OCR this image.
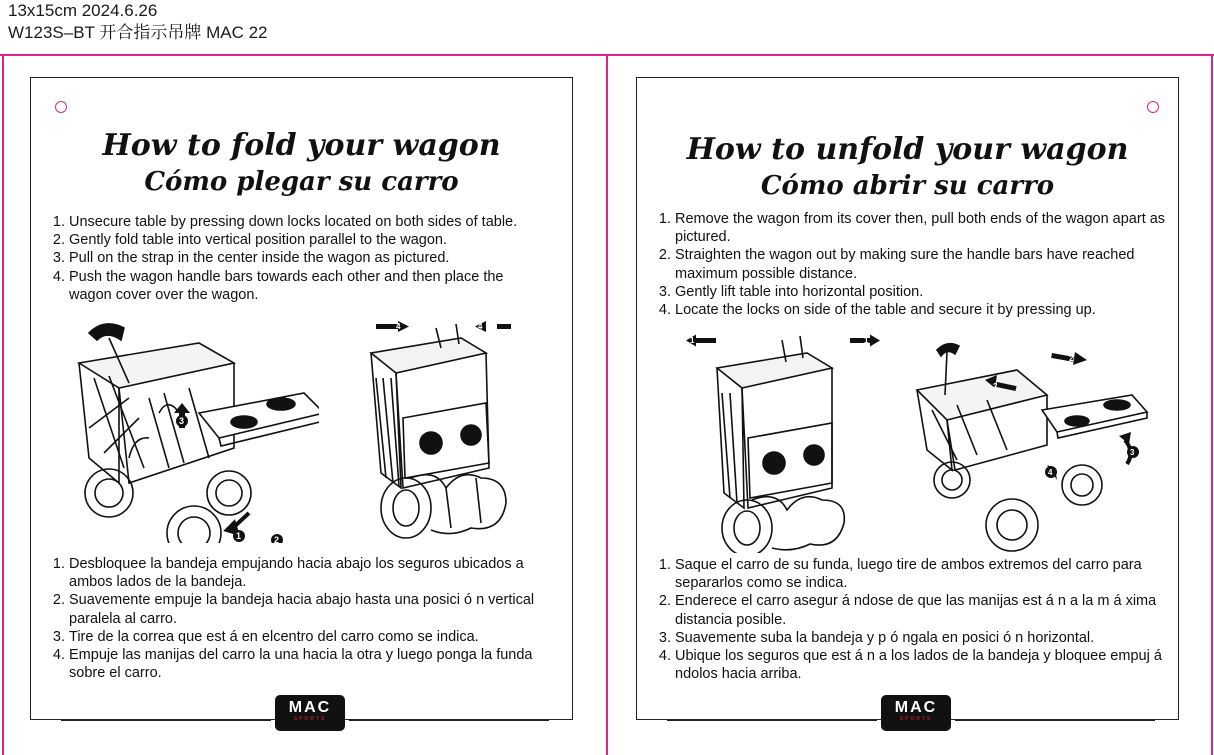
13x15cm 2024.6.26
W123S–BT 开合指示吊牌 MAC 22
How to fold your wagon
Cómo plegar su carro
1. Unsecure table by pressing down locks located on both sides of table.
2. Gently fold table into vertical position parallel to the wagon.
3. Pull on the strap in the center inside the wagon as pictured.
4. Push the wagon handle bars towards each other and then place the wagon cover over the wagon.
3
1	2
4	4
1. Desbloquee la bandeja empujando hacia abajo los seguros ubicados a ambos lados de la bandeja.
2. Suavemente empuje la bandeja hacia abajo hasta una posici ó n vertical paralela al carro.
3. Tire de la correa que est á en elcentro del carro como se indica.
4. Empuje las manijas del carro la una hacia la otra y luego ponga la funda sobre el carro.
MAC
SPORTS
How to unfold your wagon
Cómo abrir su carro
1. Remove the wagon from its cover then, pull both ends of the wagon apart as pictured.
2. Straighten the wagon out by making sure the handle bars have reached maximum possible distance.
3. Gently lift table into horizontal position.
4. Locate the locks on side of the table and secure it by pressing up.
1	1
2
2
3
4
1. Saque el carro de su funda, luego tire de ambos extremos del carro para separarlos como se indica.
2. Enderece el carro asegur á ndose de que las manijas est á n a la m á xima distancia posible.
3. Suavemente suba la bandeja y p ó ngala en posici ó n horizontal.
4. Ubique los seguros que est á n a los lados de la bandeja y bloquee empuj á ndolos hacia arriba.
MAC
SPORTS
